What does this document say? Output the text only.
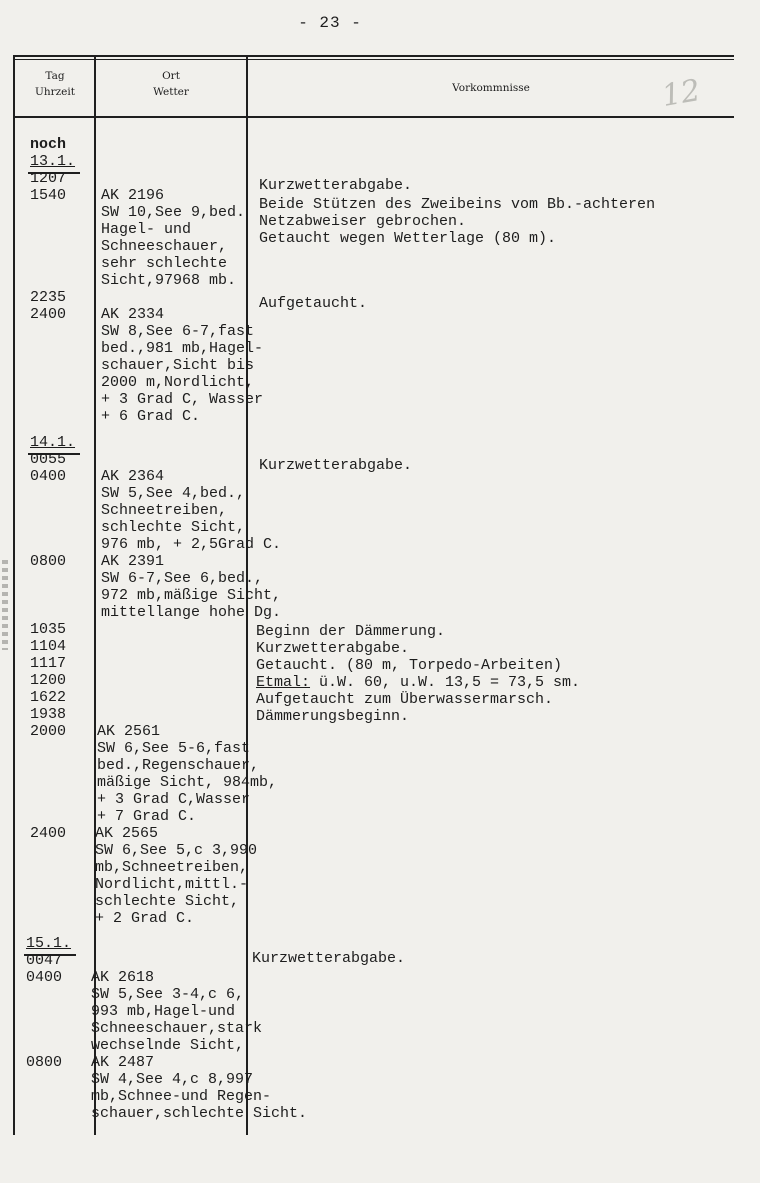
- 23 -
12
Tag
Uhrzeit
Ort
Wetter	Vorkommnisse
noch
13.1.
1207
1540
2235
2400
14.1.
0055
0400
0800
1035
1104
1117
1200
1622
1938
2000
2400
15.1.
0047
0400
0800
AK 2196
SW 10,See 9,bed.
Hagel- und
Schneeschauer,
sehr schlechte
Sicht,97968 mb.
AK 2334
SW 8,See 6-7,fast
bed.,981 mb,Hagel-
schauer,Sicht bis
2000 m,Nordlicht,
+ 3 Grad C, Wasser
+ 6 Grad C.
AK 2364
SW 5,See 4,bed.,
Schneetreiben,
schlechte Sicht,
976 mb, + 2,5Grad C.
AK 2391
SW 6-7,See 6,bed.,
972 mb,mäßige Sicht,
mittellange hohe Dg.
AK 2561
SW 6,See 5-6,fast
bed.,Regenschauer,
mäßige Sicht, 984mb,
+ 3 Grad C,Wasser
+ 7 Grad C.
AK 2565
SW 6,See 5,c 3,990
mb,Schneetreiben,
Nordlicht,mittl.-
schlechte Sicht,
+ 2 Grad C.
AK 2618
SW 5,See 3-4,c 6,
993 mb,Hagel-und
Schneeschauer,stark
wechselnde Sicht,
AK 2487
SW 4,See 4,c 8,997
mb,Schnee-und Regen-
schauer,schlechte Sicht.
Kurzwetterabgabe.
Beide Stützen des Zweibeins vom Bb.-achteren
Netzabweiser gebrochen.
Getaucht wegen Wetterlage (80 m).
Aufgetaucht.
Kurzwetterabgabe.
Beginn der Dämmerung.
Kurzwetterabgabe.
Getaucht. (80 m, Torpedo-Arbeiten)
Etmal: ü.W. 60, u.W. 13,5 = 73,5 sm.
Aufgetaucht zum Überwassermarsch.
Dämmerungsbeginn.
Kurzwetterabgabe.
